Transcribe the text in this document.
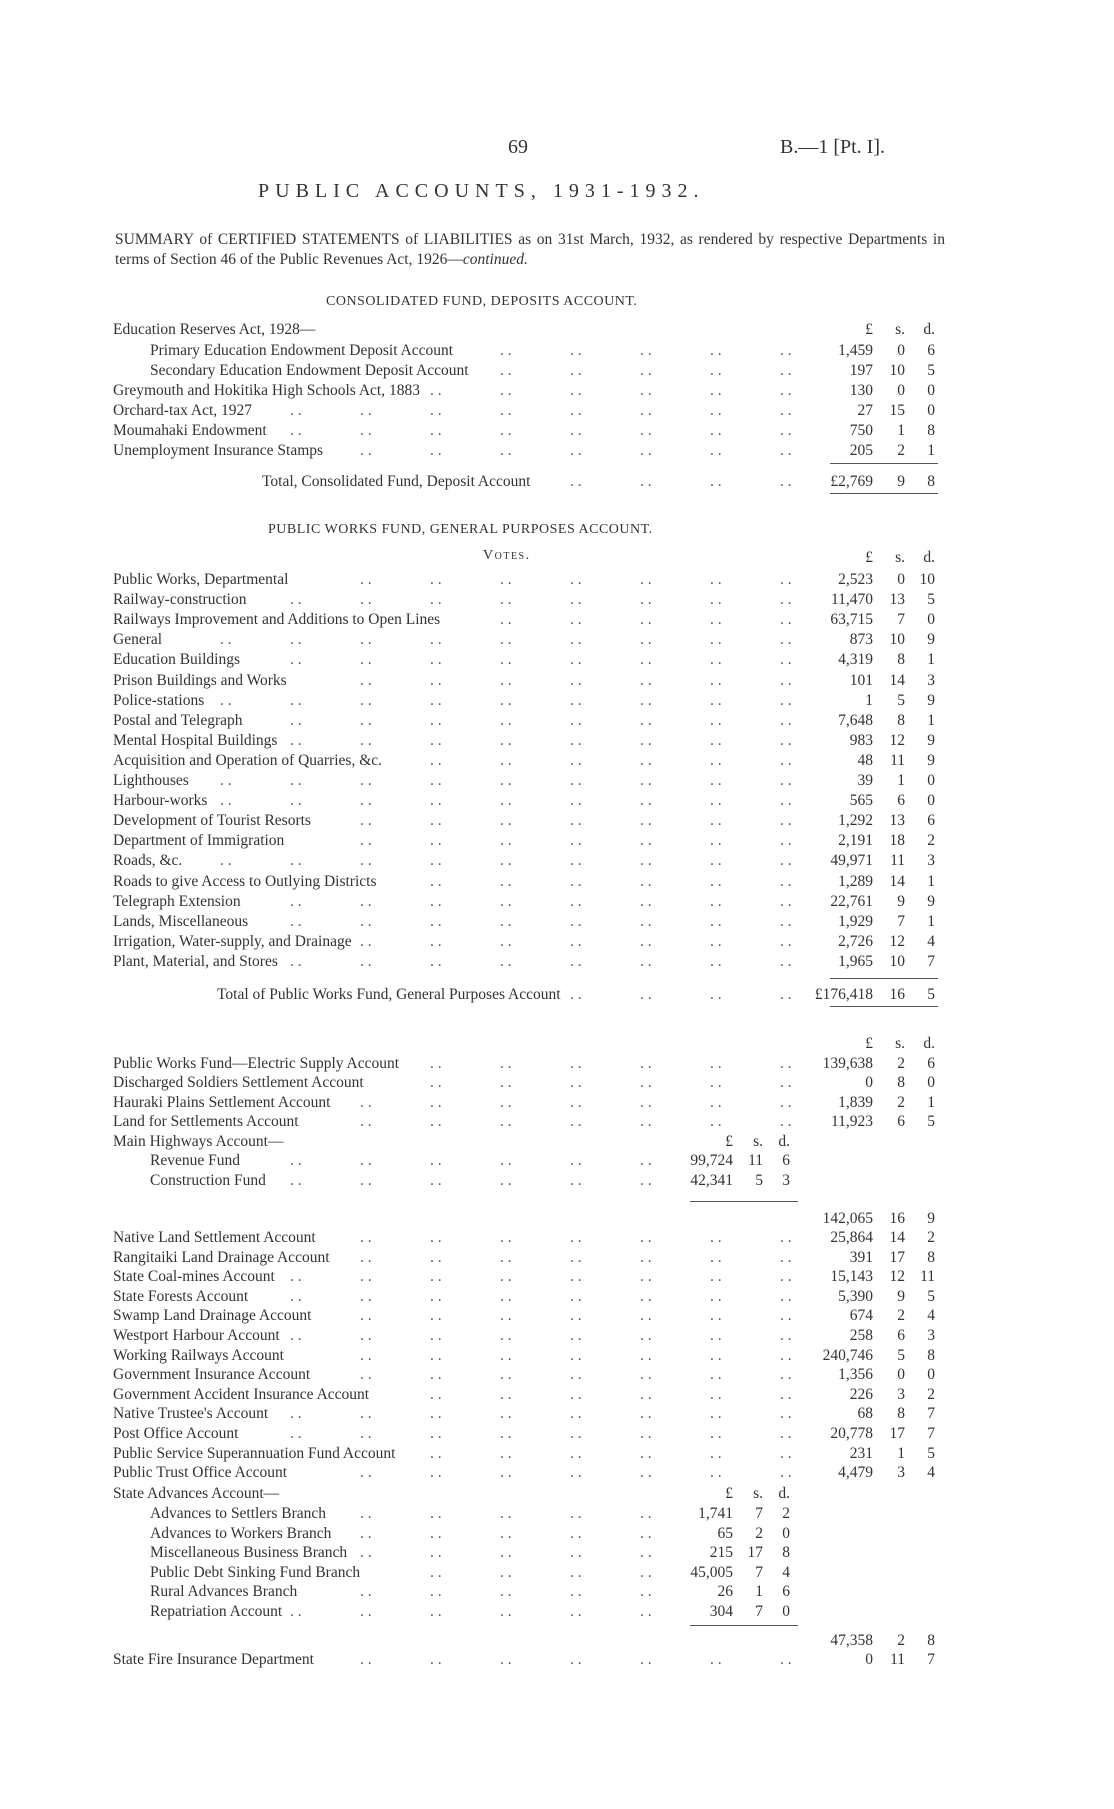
69	B.—1 [Pt. I].
PUBLIC ACCOUNTS, 1931-1932.
SUMMARY of CERTIFIED STATEMENTS of LIABILITIES as on 31st March, 1932, as rendered by respective Departments in terms of Section 46 of the Public Revenues Act, 1926—continued.
CONSOLIDATED FUND, DEPOSITS ACCOUNT.
£	s.	d.
Education Reserves Act, 1928—
Primary Education Endowment Deposit Account	. .	. .	. .	. .	. .	1,459	0	6
Secondary Education Endowment Deposit Account . .	. .	. .	. .	. .	197	10	5
Greymouth and Hokitika High Schools Act, 1883 . .	. .	. .	. .	. .	. .	130	0	0
Orchard-tax Act, 1927 . .	. .	. .	. .	. .	. .	. .	. .	27	15	0
Moumahaki Endowment . .	. .	. .	. .	. .	. .	. .	. .	750	1	8
Unemployment Insurance Stamps . .	. .	. .	. .	. .	. .	. .	205	2	1
Total, Consolidated Fund, Deposit Account	. .	. .	. .	. .	£2,769	9	8
PUBLIC WORKS FUND, GENERAL PURPOSES ACCOUNT.
Votes.	£	s.	d.
Public Works, Departmental	. .	. .	. .	. .	. .	. .	. .	2,523	0 10
Railway-construction	. .	. .	. .	. .	. .	. .	. .	. .	11,470	13	5
Railways Improvement and Additions to Open Lines	. .	. .	. .	. .	. .	63,715	7	0
General	. .	. .	. .	. .	. .	. .	. .	. .	. .	873	10	9
Education Buildings	. .	. .	. .	. .	. .	. .	. .	. .	4,319	8	1
Prison Buildings and Works	. .	. .	. .	. .	. .	. .	. .	101	14	3
Police-stations . .	. .	. .	. .	. .	. .	. .	. .	. .	1	5	9
Postal and Telegraph	. .	. .	. .	. .	. .	. .	. .	. .	7,648	8	1
Mental Hospital Buildings . .	. .	. .	. .	. .	. .	. .	. .	983	12	9
Acquisition and Operation of Quarries, &c.	. .	. .	. .	. .	. .	. .	48	11	9
Lighthouses . .	. .	. .	. .	. .	. .	. .	. .	. .	39	1	0
Harbour-works . .	. .	. .	. .	. .	. .	. .	. .	. .	565	6	0
Development of Tourist Resorts	. .	. .	. .	. .	. .	. .	. .	1,292	13	6
Department of Immigration	. .	. .	. .	. .	. .	. .	. .	2,191	18	2
Roads, &c. . .	. .	. .	. .	. .	. .	. .	. .	. .	49,971	11	3
Roads to give Access to Outlying Districts	. .	. .	. .	. .	. .	. .	1,289	14	1
Telegraph Extension	. .	. .	. .	. .	. .	. .	. .	. .	22,761	9	9
Lands, Miscellaneous	. .	. .	. .	. .	. .	. .	. .	. .	1,929	7	1
Irrigation, Water-supply, and Drainage . .	. .	. .	. .	. .	. .	. .	2,726	12	4
Plant, Material, and Stores . .	. .	. .	. .	. .	. .	. .	. .	1,965	10	7
Total of Public Works Fund, General Purposes Account . .	. .	. .	. .	£176,418	16	5
£	s.	d.
Public Works Fund—Electric Supply Account . .	. .	. .	. .	. .	. .	139,638	2	6
Discharged Soldiers Settlement Account	. .	. .	. .	. .	. .	. .	0	8	0
Hauraki Plains Settlement Account . .	. .	. .	. .	. .	. .	. .	1,839	2	1
Land for Settlements Account	. .	. .	. .	. .	. .	. .	. .	11,923	6	5
Main Highways Account—	£	s. d.
Revenue Fund	. .	. .	. .	. .	. .	. .	99,724 11	6
Construction Fund . .	. .	. .	. .	. .	. .	42,341	5	3
142,065	16	9
Native Land Settlement Account	. .	. .	. .	. .	. .	. .	. .	25,864	14	2
Rangitaiki Land Drainage Account . .	. .	. .	. .	. .	. .	. .	391	17	8
State Coal-mines Account . .	. .	. .	. .	. .	. .	. .	. .	15,143	12 11
State Forests Account	. .	. .	. .	. .	. .	. .	. .	. .	5,390	9	5
Swamp Land Drainage Account	. .	. .	. .	. .	. .	. .	. .	674	2	4
Westport Harbour Account . .	. .	. .	. .	. .	. .	. .	. .	258	6	3
Working Railways Account	. .	. .	. .	. .	. .	. .	. .	240,746	5	8
Government Insurance Account	. .	. .	. .	. .	. .	. .	. .	1,356	0	0
Government Accident Insurance Account	. .	. .	. .	. .	. .	. .	226	3	2
Native Trustee's Account . .	. .	. .	. .	. .	. .	. .	. .	68	8	7
Post Office Account	. .	. .	. .	. .	. .	. .	. .	. .	20,778	17	7
Public Service Superannuation Fund Account . .	. .	. .	. .	. .	. .	231	1	5
Public Trust Office Account	. .	. .	. .	. .	. .	. .	. .	4,479	3	4
State Advances Account—	£	s. d.
Advances to Settlers Branch . .	. .	. .	. .	. .	1,741	7	2
Advances to Workers Branch . .	. .	. .	. .	. .	65	2	0
Miscellaneous Business Branch . .	. .	. .	. .	. .	215 17	8
Public Debt Sinking Fund Branch	. .	. .	. .	. .	45,005	7	4
Rural Advances Branch	. .	. .	. .	. .	. .	26	1	6
Repatriation Account . .	. .	. .	. .	. .	. .	304	7	0
47,358	2	8
State Fire Insurance Department	. .	. .	. .	. .	. .	. .	. .	0	11	7
